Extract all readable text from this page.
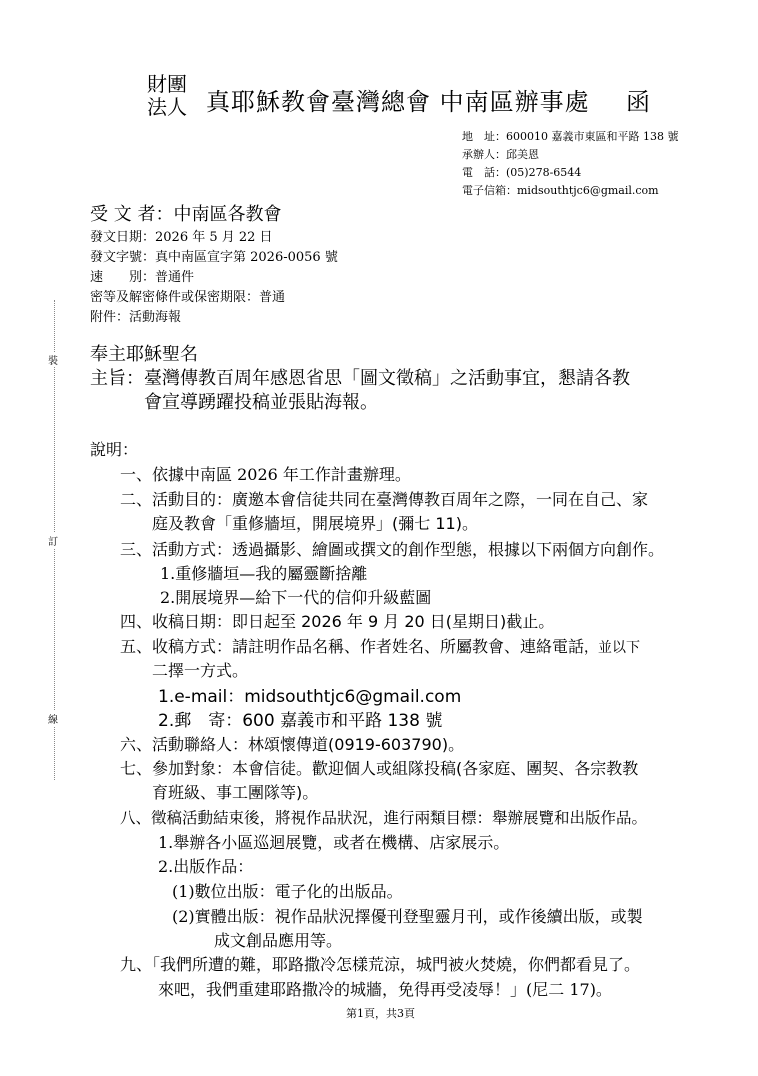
裝
訂
線
財團
法人 真耶穌教會臺灣總會 中南區辦事處 函
地　址：600010 嘉義市東區和平路 138 號
承辦人：邱美恩
電　話：(05)278-6544
電子信箱：midsouthtjc6@gmail.com
受 文 者：中南區各教會
發文日期：2026 年 5 月 22 日
發文字號：真中南區宣字第 2026-0056 號
速　　別：普通件
密等及解密條件或保密期限：普通
附件：活動海報
奉主耶穌聖名
主旨：臺灣傳教百周年感恩省思「圖文徵稿」之活動事宜，懇請各教
會宣導踴躍投稿並張貼海報。
說明：
一、依據中南區 2026 年工作計畫辦理。
二、活動目的：廣邀本會信徒共同在臺灣傳教百周年之際，一同在自己、家
庭及教會「重修牆垣，開展境界」(彌七 11)。
三、活動方式：透過攝影、繪圖或撰文的創作型態，根據以下兩個方向創作。
1.重修牆垣—我的屬靈斷捨離
2.開展境界—給下一代的信仰升級藍圖
四、收稿日期：即日起至 2026 年 9 月 20 日(星期日)截止。
五、收稿方式：請註明作品名稱、作者姓名、所屬教會、連絡電話，並以下
二擇一方式。
1.e-mail：midsouthtjc6@gmail.com
2.郵　寄：600 嘉義市和平路 138 號
六、活動聯絡人：林頌懷傳道(0919-603790)。
七、參加對象：本會信徒。歡迎個人或組隊投稿(各家庭、團契、各宗教教
育班級、事工團隊等)。
八、徵稿活動結束後，將視作品狀況，進行兩類目標：舉辦展覽和出版作品。
1.舉辦各小區巡迴展覽，或者在機構、店家展示。
2.出版作品：
(1)數位出版：電子化的出版品。
(2)實體出版：視作品狀況擇優刊登聖靈月刊，或作後續出版，或製
成文創品應用等。
九、「我們所遭的難，耶路撒冷怎樣荒涼，城門被火焚燒，你們都看見了。
來吧，我們重建耶路撒冷的城牆，免得再受凌辱！」(尼二 17)。
第1頁，共3頁
